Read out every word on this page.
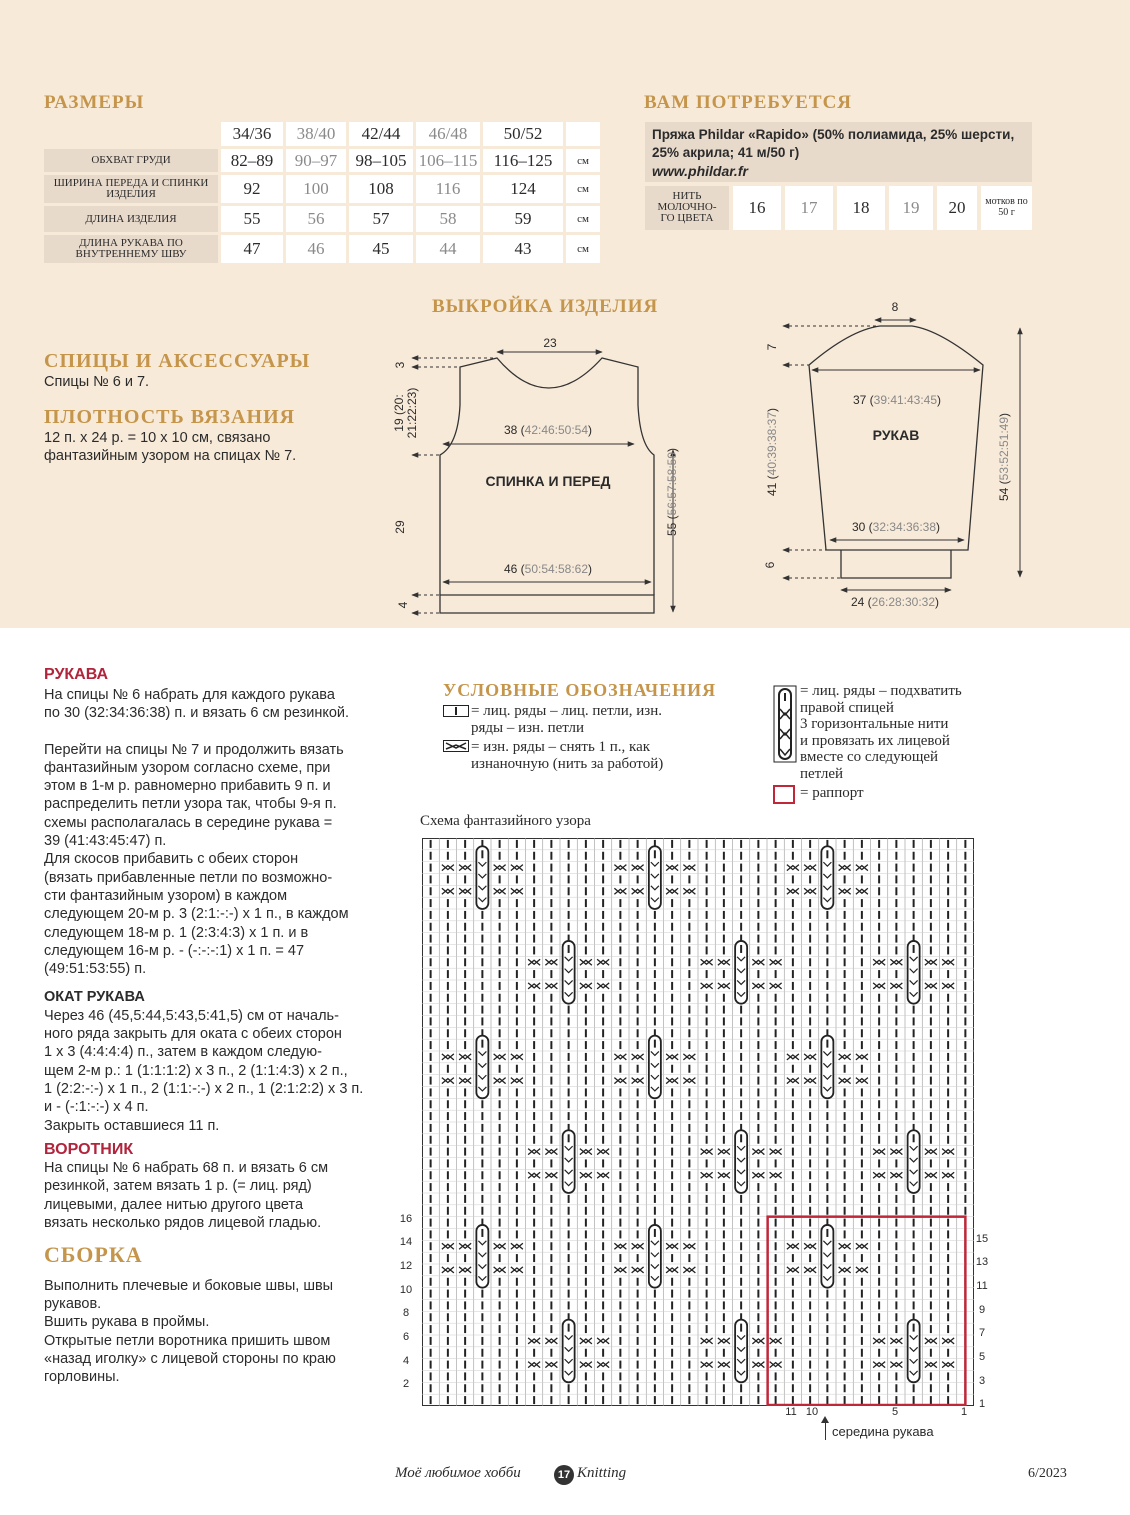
РАЗМЕРЫ
	34/36	38/40	42/44	46/48	50/52	
ОБХВАТ ГРУДИ	82–89	90–97	98–105	106–115	116–125	см
ШИРИНА ПЕРЕДА И СПИНКИ ИЗДЕЛИЯ	92	100	108	116	124	см
ДЛИНА ИЗДЕЛИЯ	55	56	57	58	59	см
ДЛИНА РУКАВА ПО ВНУТРЕННЕМУ ШВУ	47	46	45	44	43	см
ВАМ ПОТРЕБУЕТСЯ
Пряжа Phildar «Rapido» (50% полиамида, 25% шерсти,
25% акрила; 41 м/50 г)
www.phildar.fr
НИТЬ МОЛОЧНО-ГО ЦВЕТА
16	17	18	19	20	мотков по 50 г
СПИЦЫ И АКСЕССУАРЫ
Спицы № 6 и 7.
ПЛОТНОСТЬ ВЯЗАНИЯ
12 п. х 24 р. = 10 х 10 см, связано
фантазийным узором на спицах № 7.
ВЫКРОЙКА ИЗДЕЛИЯ
23
3
19 (20: 21:22:23)	38 (42:46:50:54)
29	55 (56:57:58:59)
46 (50:54:58:62)
4
СПИНКА И ПЕРЕД
8
7
37 (39:41:43:45)
РУКАВ
41 (40:39:38:37)
54 (53:52:51:49)
30 (32:34:36:38)
6
24 (26:28:30:32)
РУКАВА
На спицы № 6 набрать для каждого рукава
по 30 (32:34:36:38) п. и вязать 6 см резинкой.

Перейти на спицы № 7 и продолжить вязать
фантазийным узором согласно схеме, при
этом в 1-м р. равномерно прибавить 9 п. и
распределить петли узора так, чтобы 9-я п.
схемы располагалась в середине рукава =
39 (41:43:45:47) п.
Для скосов прибавить с обеих сторон
(вязать прибавленные петли по возможно-
сти фантазийным узором) в каждом
следующем 20-м р. 3 (2:1:-:-) х 1 п., в каждом
следующем 18-м р. 1 (2:3:4:3) х 1 п. и в
следующем 16-м р. - (-:-:-:1) х 1 п. = 47
(49:51:53:55) п.
ОКАТ РУКАВА
Через 46 (45,5:44,5:43,5:41,5) см от началь-
ного ряда закрыть для оката с обеих сторон
1 х 3 (4:4:4:4) п., затем в каждом следую-
щем 2-м р.: 1 (1:1:1:2) х 3 п., 2 (1:1:4:3) х 2 п.,
1 (2:2:-:-) х 1 п., 2 (1:1:-:-) х 2 п., 1 (2:1:2:2) х 3 п.
и - (-:1:-:-) х 4 п.
Закрыть оставшиеся 11 п.
ВОРОТНИК
На спицы № 6 набрать 68 п. и вязать 6 см
резинкой, затем вязать 1 р. (= лиц. ряд)
лицевыми, далее нитью другого цвета
вязать несколько рядов лицевой гладью.
СБОРКА
Выполнить плечевые и боковые швы, швы
рукавов.
Вшить рукава в проймы.
Открытые петли воротника пришить швом
«назад иголку» с лицевой стороны по краю
горловины.
УСЛОВНЫЕ ОБОЗНАЧЕНИЯ
= лиц. ряды – лиц. петли, изн.
ряды – изн. петли
= изн. ряды – снять 1 п., как
изнаночную (нить за работой)
= лиц. ряды – подхватить
правой спицей
3 горизонтальные нити
и провязать их лицевой
вместе со следующей
петлей
= раппорт
Схема фантазийного узора
16
14
12
10
8
6
4
2
15
13
11
9
7
5
3
1
11 10	5	1
середина рукава
Моё любимое хобби	17 Knitting	6/2023
